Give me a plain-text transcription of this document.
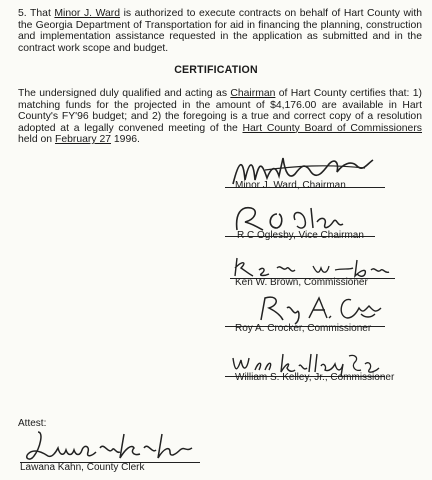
5. That Minor J. Ward is authorized to execute contracts on behalf of Hart County with the Georgia Department of Transportation for aid in financing the planning, construction and implementation assistance requested in the application as submitted and in the contract work scope and budget.

CERTIFICATION

The undersigned duly qualified and acting as Chairman of Hart County certifies that: 1) matching funds for the projected in the amount of $4,176.00 are available in Hart County's FY'96 budget; and 2) the foregoing is a true and correct copy of a resolution adopted at a legally convened meeting of the Hart County Board of Commissioners held on February 27 1996.

Minor J. Ward, Chairman
R C Oglesby, Vice Chairman
Ken W. Brown, Commissioner
Roy A. Crocker, Commissioner
William S. Kelley, Jr., Commissioner
Attest:
Lawana Kahn, County Clerk
